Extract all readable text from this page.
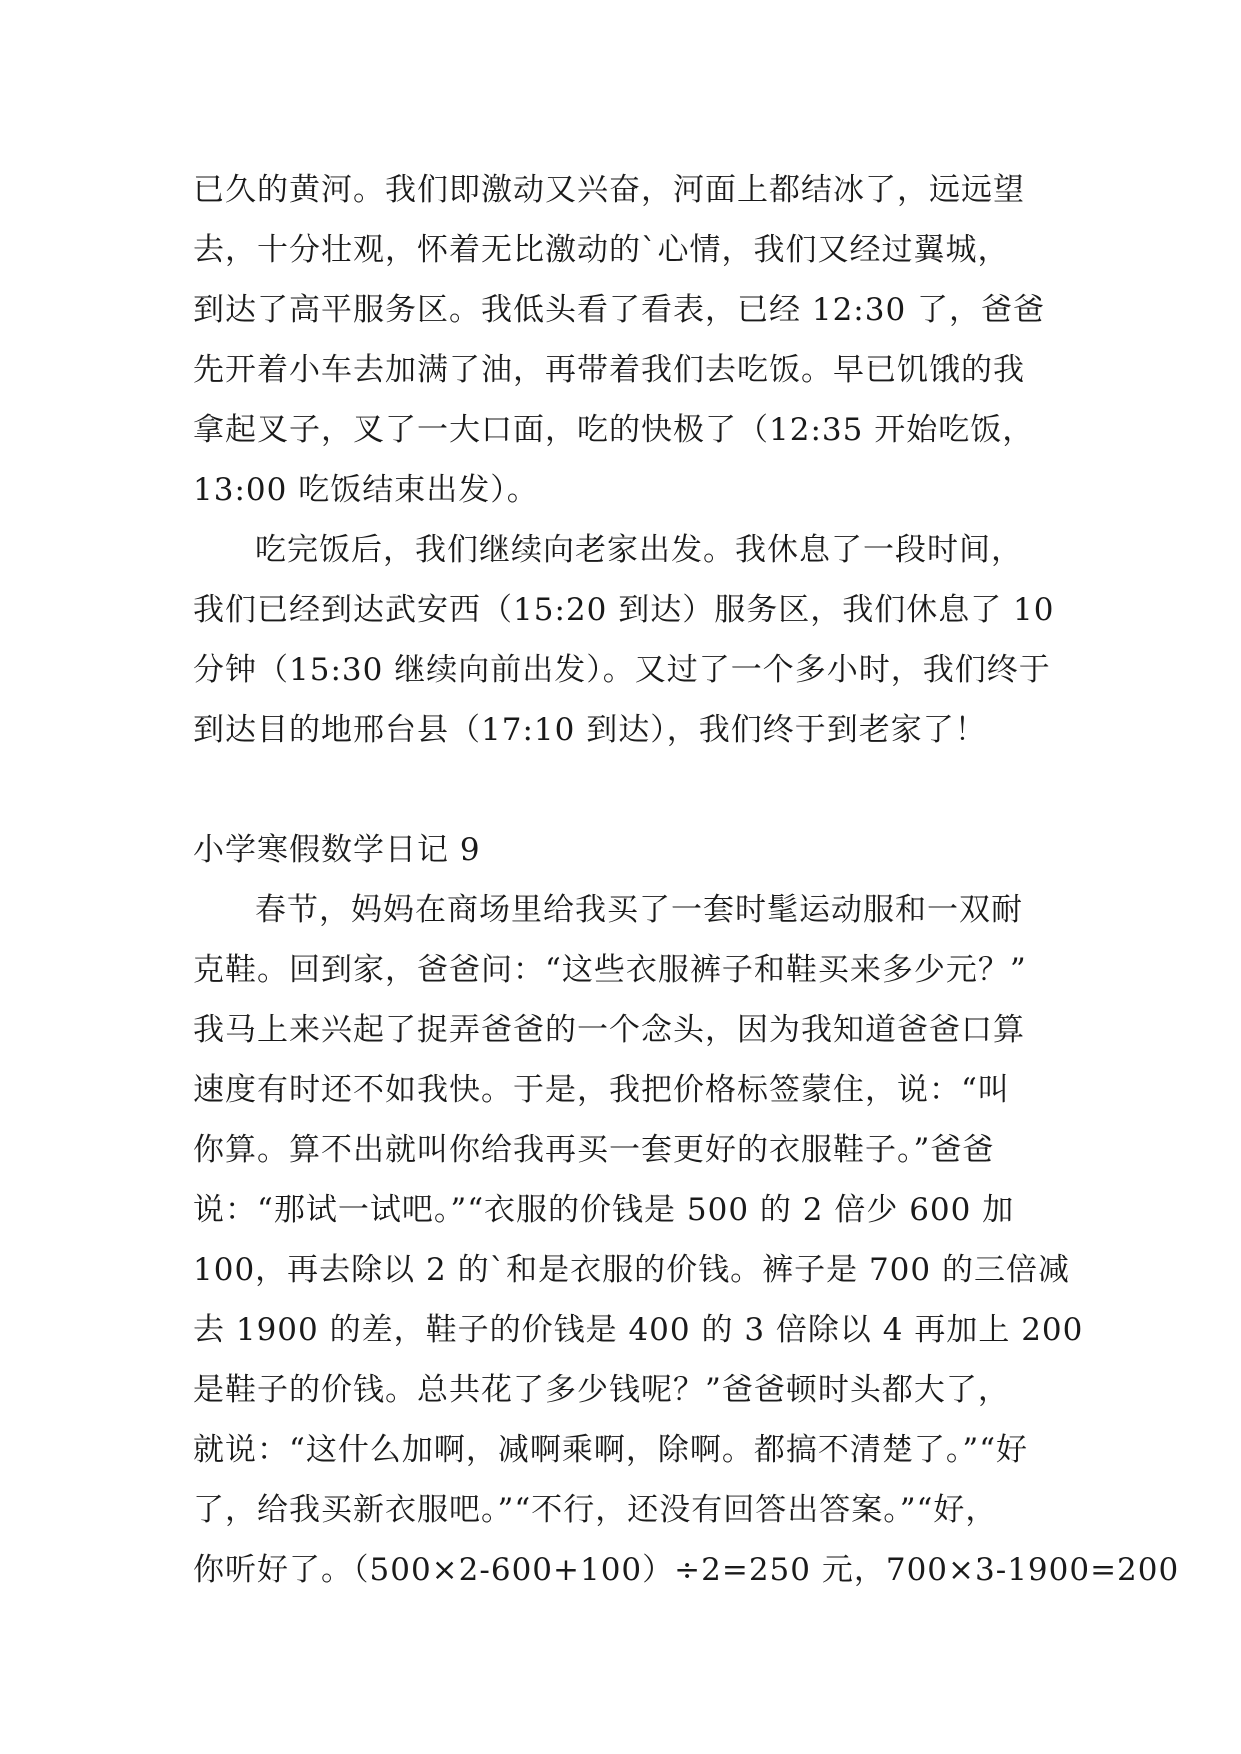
已久的黄河。我们即激动又兴奋，河面上都结冰了，远远望
去，十分壮观，怀着无比激动的`心情，我们又经过翼城，
到达了高平服务区。我低头看了看表，已经 12:30 了，爸爸
先开着小车去加满了油，再带着我们去吃饭。早已饥饿的我
拿起叉子，叉了一大口面，吃的快极了（12:35 开始吃饭，
13:00 吃饭结束出发）。
吃完饭后，我们继续向老家出发。我休息了一段时间，
我们已经到达武安西（15:20 到达）服务区，我们休息了 10
分钟（15:30 继续向前出发）。又过了一个多小时，我们终于
到达目的地邢台县（17:10 到达），我们终于到老家了！
小学寒假数学日记 9
春节，妈妈在商场里给我买了一套时髦运动服和一双耐
克鞋。回到家，爸爸问：“这些衣服裤子和鞋买来多少元？”
我马上来兴起了捉弄爸爸的一个念头，因为我知道爸爸口算
速度有时还不如我快。于是，我把价格标签蒙住，说：“叫
你算。算不出就叫你给我再买一套更好的衣服鞋子。”爸爸
说：“那试一试吧。”“衣服的价钱是 500 的 2 倍少 600 加
100，再去除以 2 的`和是衣服的价钱。裤子是 700 的三倍减
去 1900 的差，鞋子的价钱是 400 的 3 倍除以 4 再加上 200
是鞋子的价钱。总共花了多少钱呢？”爸爸顿时头都大了，
就说：“这什么加啊，减啊乘啊，除啊。都搞不清楚了。”“好
了，给我买新衣服吧。”“不行，还没有回答出答案。”“好，
你听好了。（500×2-600+100）÷2=250 元，700×3-1900=200
